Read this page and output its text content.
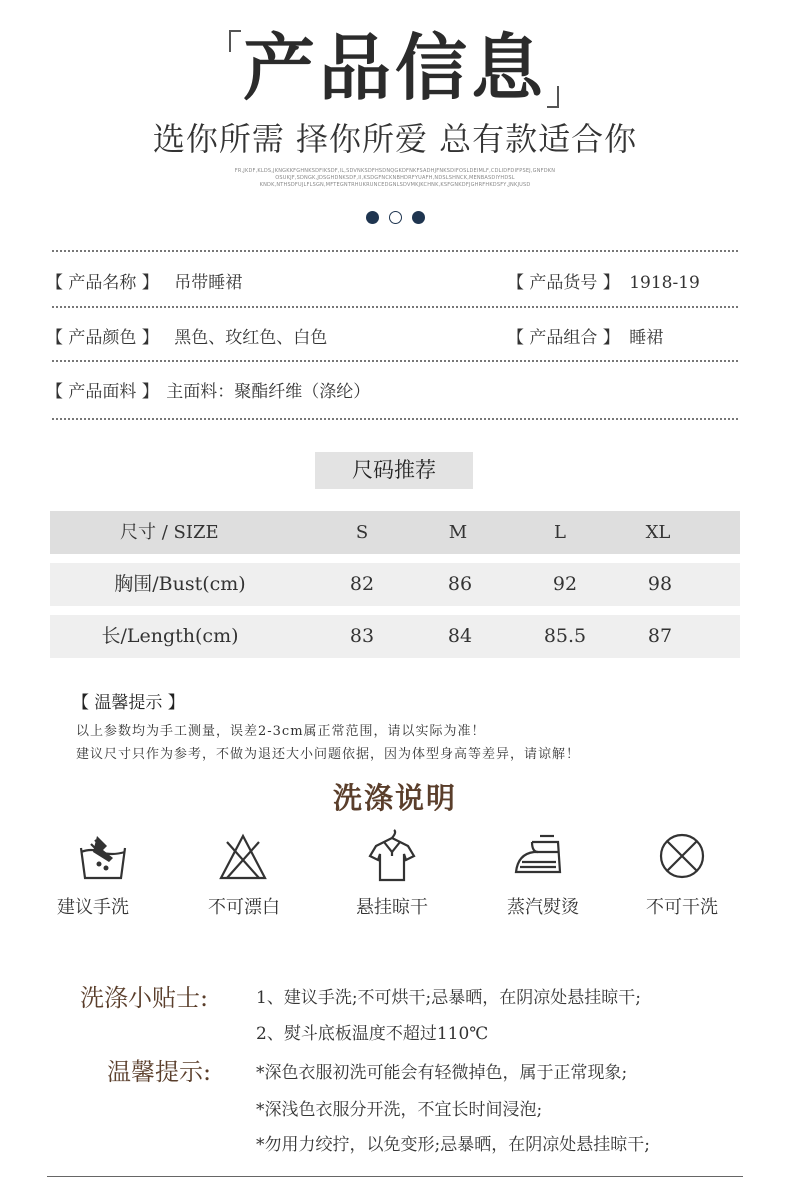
产品信息
选你所需 择你所爱 总有款适合你
FR,JKDF,KLDS,JKNGKKFGHNKSDFIKSDF,IL,SDVNKSDFHSDNQGKDFNKFSADHJFNKSDIFOSLDEIMLF,CDLIDFDIFPSEJ,GNFDKN
OSUKJF,SDNGK,JDSGHDNKSDF,II,KSDGFNCKNBHDRFYUAFH,NDSLSHNCK,MENBASDIYHDSL
KNDK,NTHSDFUJLFLSGN,MFTEGNTRHUKRUNCEDGNLSDVMKJKCHNK,KSFGNKDFJGHRFHKDSFY,JNKJUSD
【 产品名称 】 吊带睡裙	【 产品货号 】 1918-19
【 产品颜色 】 黑色、玫红色、白色	【 产品组合 】 睡裙
【 产品面料 】 主面料：聚酯纤维（涤纶）
尺码推荐
尺寸 / SIZE	S	M	L	XL
胸围/Bust(cm)	82	86	92	98
长/Length(cm)	83	84	85.5	87
【 温馨提示 】
以上参数均为手工测量，误差2-3cm属正常范围，请以实际为准！
建议尺寸只作为参考，不做为退还大小问题依据，因为体型身高等差异，请谅解！
洗涤说明
建议手洗	不可漂白	悬挂晾干	蒸汽熨烫	不可干洗
洗涤小贴士:	1、建议手洗;不可烘干;忌暴晒，在阴凉处悬挂晾干;
2、熨斗底板温度不超过110℃
温馨提示:	*深色衣服初洗可能会有轻微掉色，属于正常现象;
*深浅色衣服分开洗，不宜长时间浸泡;
*勿用力绞拧，以免变形;忌暴晒，在阴凉处悬挂晾干;
